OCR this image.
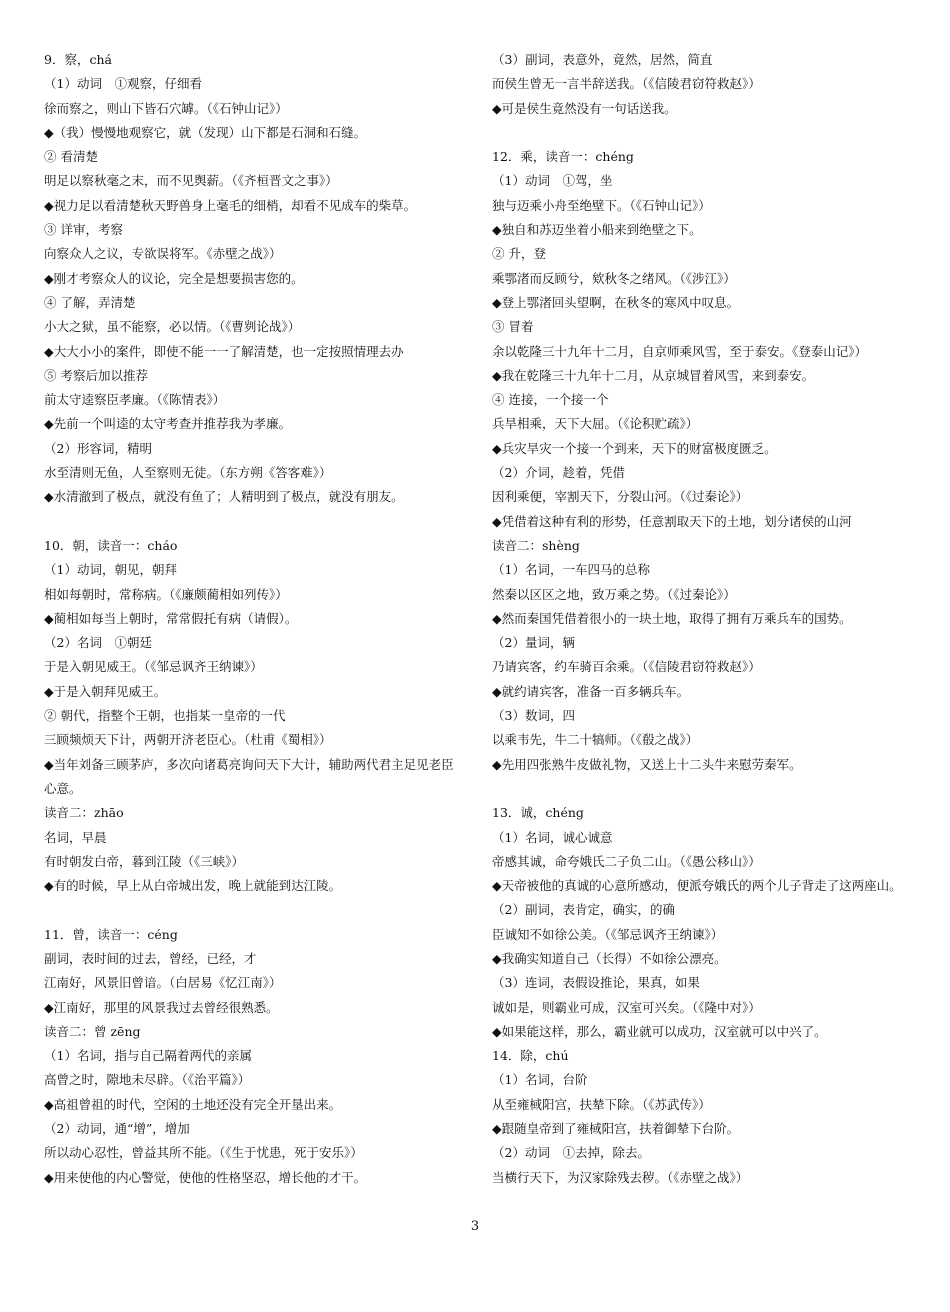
9．察，chá
（1）动词　①观察，仔细看
徐而察之，则山下皆石穴罅。（《石钟山记》）
◆（我）慢慢地观察它，就（发现）山下都是石洞和石缝。
② 看清楚
明足以察秋毫之末，而不见舆薪。（《齐桓晋文之事》）
◆视力足以看清楚秋天野兽身上毫毛的细梢，却看不见成车的柴草。
③ 详审，考察
向察众人之议，专欲误将军。《赤壁之战》）
◆刚才考察众人的议论，完全是想要损害您的。
④ 了解，弄清楚
小大之狱，虽不能察，必以情。（《曹刿论战》）
◆大大小小的案件，即使不能一一了解清楚，也一定按照情理去办
⑤ 考察后加以推荐
前太守逵察臣孝廉。（《陈情表》）
◆先前一个叫逵的太守考查并推荐我为孝廉。
（2）形容词，精明
水至清则无鱼，人至察则无徒。（东方朔《答客难》）
◆水清澈到了极点，就没有鱼了；人精明到了极点，就没有朋友。
10．朝，读音一：cháo
（1）动词，朝见，朝拜
相如每朝时，常称病。（《廉颇蔺相如列传》）
◆蔺相如每当上朝时，常常假托有病（请假）。
（2）名词　①朝廷
于是入朝见威王。（《邹忌讽齐王纳谏》）
◆于是入朝拜见威王。
② 朝代，指整个王朝，也指某一皇帝的一代
三顾频烦天下计，两朝开济老臣心。（杜甫《蜀相》）
◆当年刘备三顾茅庐，多次向诸葛亮询问天下大计，辅助两代君主足见老臣心意。
读音二：zhāo
名词，早晨
有时朝发白帝，暮到江陵（《三峡》）
◆有的时候，早上从白帝城出发，晚上就能到达江陵。
11．曾，读音一：céng
副词，表时间的过去，曾经，已经，才
江南好，风景旧曾谙。（白居易《忆江南》）
◆江南好，那里的风景我过去曾经很熟悉。
读音二：曾 zēng
（1）名词，指与自己隔着两代的亲属
高曾之时，隙地未尽辟。（《治平篇》）
◆高祖曾祖的时代，空闲的土地还没有完全开垦出来。
（2）动词，通“增”，增加
所以动心忍性，曾益其所不能。（《生于忧患，死于安乐》）
◆用来使他的内心警觉，使他的性格坚忍，增长他的才干。
（3）副词，表意外，竟然，居然，简直
而侯生曾无一言半辞送我。（《信陵君窃符救赵》）
◆可是侯生竟然没有一句话送我。
12．乘，读音一：chéng
（1）动词　①驾，坐
独与迈乘小舟至绝壁下。（《石钟山记》）
◆独自和苏迈坐着小船来到绝壁之下。
② 升，登
乘鄂渚而反顾兮，欸秋冬之绪风。（《涉江》）
◆登上鄂渚回头望啊，在秋冬的寒风中叹息。
③ 冒着
余以乾隆三十九年十二月，自京师乘风雪，至于泰安。《登泰山记》）
◆我在乾隆三十九年十二月，从京城冒着风雪，来到泰安。
④ 连接，一个接一个
兵旱相乘，天下大屈。（《论积贮疏》）
◆兵灾旱灾一个接一个到来，天下的财富极度匮乏。
（2）介词，趁着，凭借
因利乘便，宰割天下，分裂山河。（《过秦论》）
◆凭借着这种有利的形势，任意割取天下的土地，划分诸侯的山河
读音二：shèng
（1）名词，一车四马的总称
然秦以区区之地，致万乘之势。（《过秦论》）
◆然而秦国凭借着很小的一块土地，取得了拥有万乘兵车的国势。
（2）量词，辆
乃请宾客，约车骑百余乘。（《信陵君窃符救赵》）
◆就约请宾客，准备一百多辆兵车。
（3）数词，四
以乘韦先，牛二十犒师。（《殽之战》）
◆先用四张熟牛皮做礼物，又送上十二头牛来慰劳秦军。
13．诚，chéng
（1）名词，诚心诚意
帝感其诚，命夸娥氏二子负二山。（《愚公移山》）
◆天帝被他的真诚的心意所感动，便派夸娥氏的两个儿子背走了这两座山。
（2）副词，表肯定，确实，的确
臣诚知不如徐公美。（《邹忌讽齐王纳谏》）
◆我确实知道自己（长得）不如徐公漂亮。
（3）连词，表假设推论，果真，如果
诚如是，则霸业可成，汉室可兴矣。（《隆中对》）
◆如果能这样，那么，霸业就可以成功，汉室就可以中兴了。
14．除，chú
（1）名词，台阶
从至雍棫阳宫，扶辇下除。（《苏武传》）
◆跟随皇帝到了雍棫阳宫，扶着御辇下台阶。
（2）动词　①去掉，除去。
当横行天下，为汉家除残去秽。（《赤壁之战》）
3
